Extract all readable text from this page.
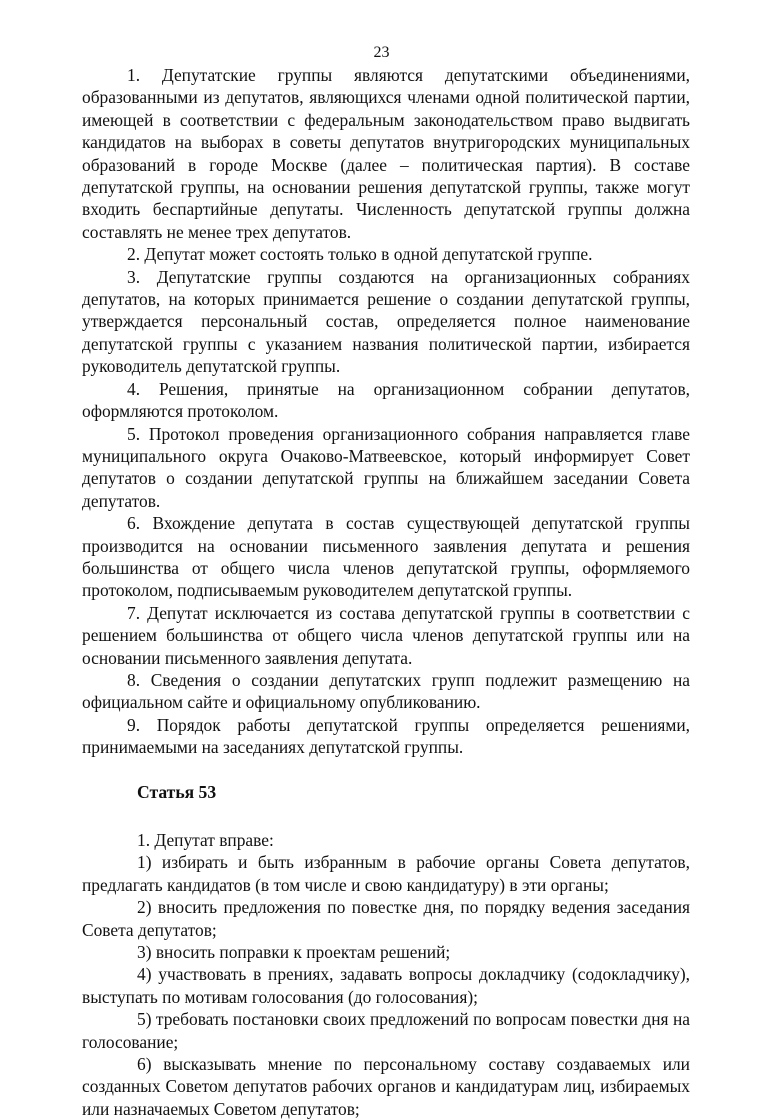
23

1. Депутатские группы являются депутатскими объединениями, образованными из депутатов, являющихся членами одной политической партии, имеющей в соответствии с федеральным законодательством право выдвигать кандидатов на выборах в советы депутатов внутригородских муниципальных образований в городе Москве (далее – политическая партия). В составе депутатской группы, на основании решения депутатской группы, также могут входить беспартийные депутаты. Численность депутатской группы должна составлять не менее трех депутатов.

2. Депутат может состоять только в одной депутатской группе.

3. Депутатские группы создаются на организационных собраниях депутатов, на которых принимается решение о создании депутатской группы, утверждается персональный состав, определяется полное наименование депутатской группы с указанием названия политической партии, избирается руководитель депутатской группы.

4. Решения, принятые на организационном собрании депутатов, оформляются протоколом.

5. Протокол проведения организационного собрания направляется главе муниципального округа Очаково-Матвеевское, который информирует Совет депутатов о создании депутатской группы на ближайшем заседании Совета депутатов.

6. Вхождение депутата в состав существующей депутатской группы производится на основании письменного заявления депутата и решения большинства от общего числа членов депутатской группы, оформляемого протоколом, подписываемым руководителем депутатской группы.

7. Депутат исключается из состава депутатской группы в соответствии с решением большинства от общего числа членов депутатской группы или на основании письменного заявления депутата.

8. Сведения о создании депутатских групп подлежит размещению на официальном сайте и официальному опубликованию.

9. Порядок работы депутатской группы определяется решениями, принимаемыми на заседаниях депутатской группы.

Статья 53

1. Депутат вправе:

1) избирать и быть избранным в рабочие органы Совета депутатов, предлагать кандидатов (в том числе и свою кандидатуру) в эти органы;

2) вносить предложения по повестке дня, по порядку ведения заседания Совета депутатов;

3) вносить поправки к проектам решений;

4) участвовать в прениях, задавать вопросы докладчику (содокладчику), выступать по мотивам голосования (до голосования);

5) требовать постановки своих предложений по вопросам повестки дня на голосование;

6) высказывать мнение по персональному составу создаваемых или созданных Советом депутатов рабочих органов и кандидатурам лиц, избираемых или назначаемых Советом депутатов;
